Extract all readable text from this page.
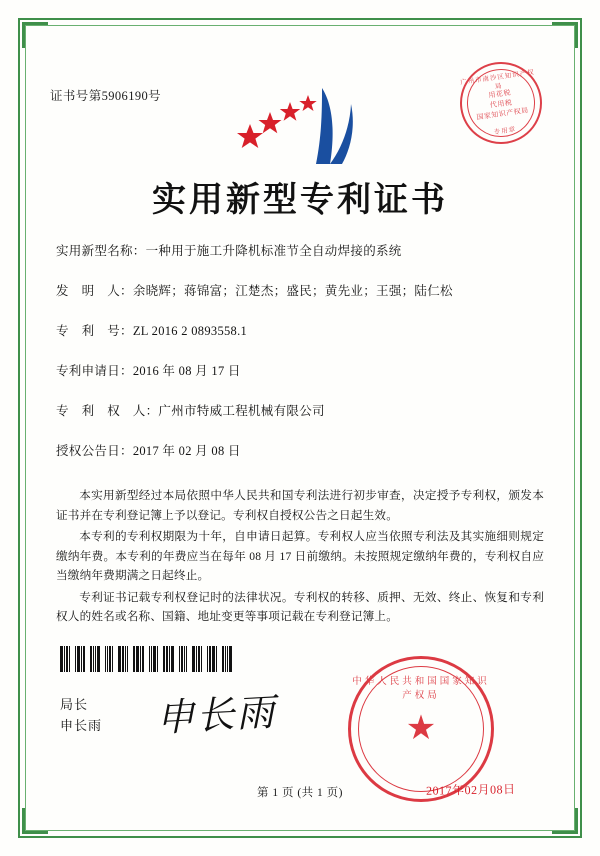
证书号第5906190号
广州市南沙区知识产权局
用花税
代用税
国家知识产权局
专用章
实用新型专利证书
实用新型名称：一种用于施工升降机标准节全自动焊接的系统
发　明　人：余晓辉；蒋锦富；江楚杰；盛民；黄先业；王强；陆仁松
专　利　号：ZL 2016 2 0893558.1
专利申请日：2016 年 08 月 17 日
专　利　权　人：广州市特威工程机械有限公司
授权公告日：2017 年 02 月 08 日

本实用新型经过本局依照中华人民共和国专利法进行初步审查，决定授予专利权，颁发本证书并在专利登记簿上予以登记。专利权自授权公告之日起生效。

本专利的专利权期限为十年，自申请日起算。专利权人应当依照专利法及其实施细则规定缴纳年费。本专利的年费应当在每年 08 月 17 日前缴纳。未按照规定缴纳年费的，专利权自应当缴纳年费期满之日起终止。

专利证书记载专利权登记时的法律状况。专利权的转移、质押、无效、终止、恢复和专利权人的姓名或名称、国籍、地址变更等事项记载在专利登记簿上。

局长
申长雨 申长雨
中华人民共和国国家知识产权局
★
2017年02月08日
第 1 页 (共 1 页)
